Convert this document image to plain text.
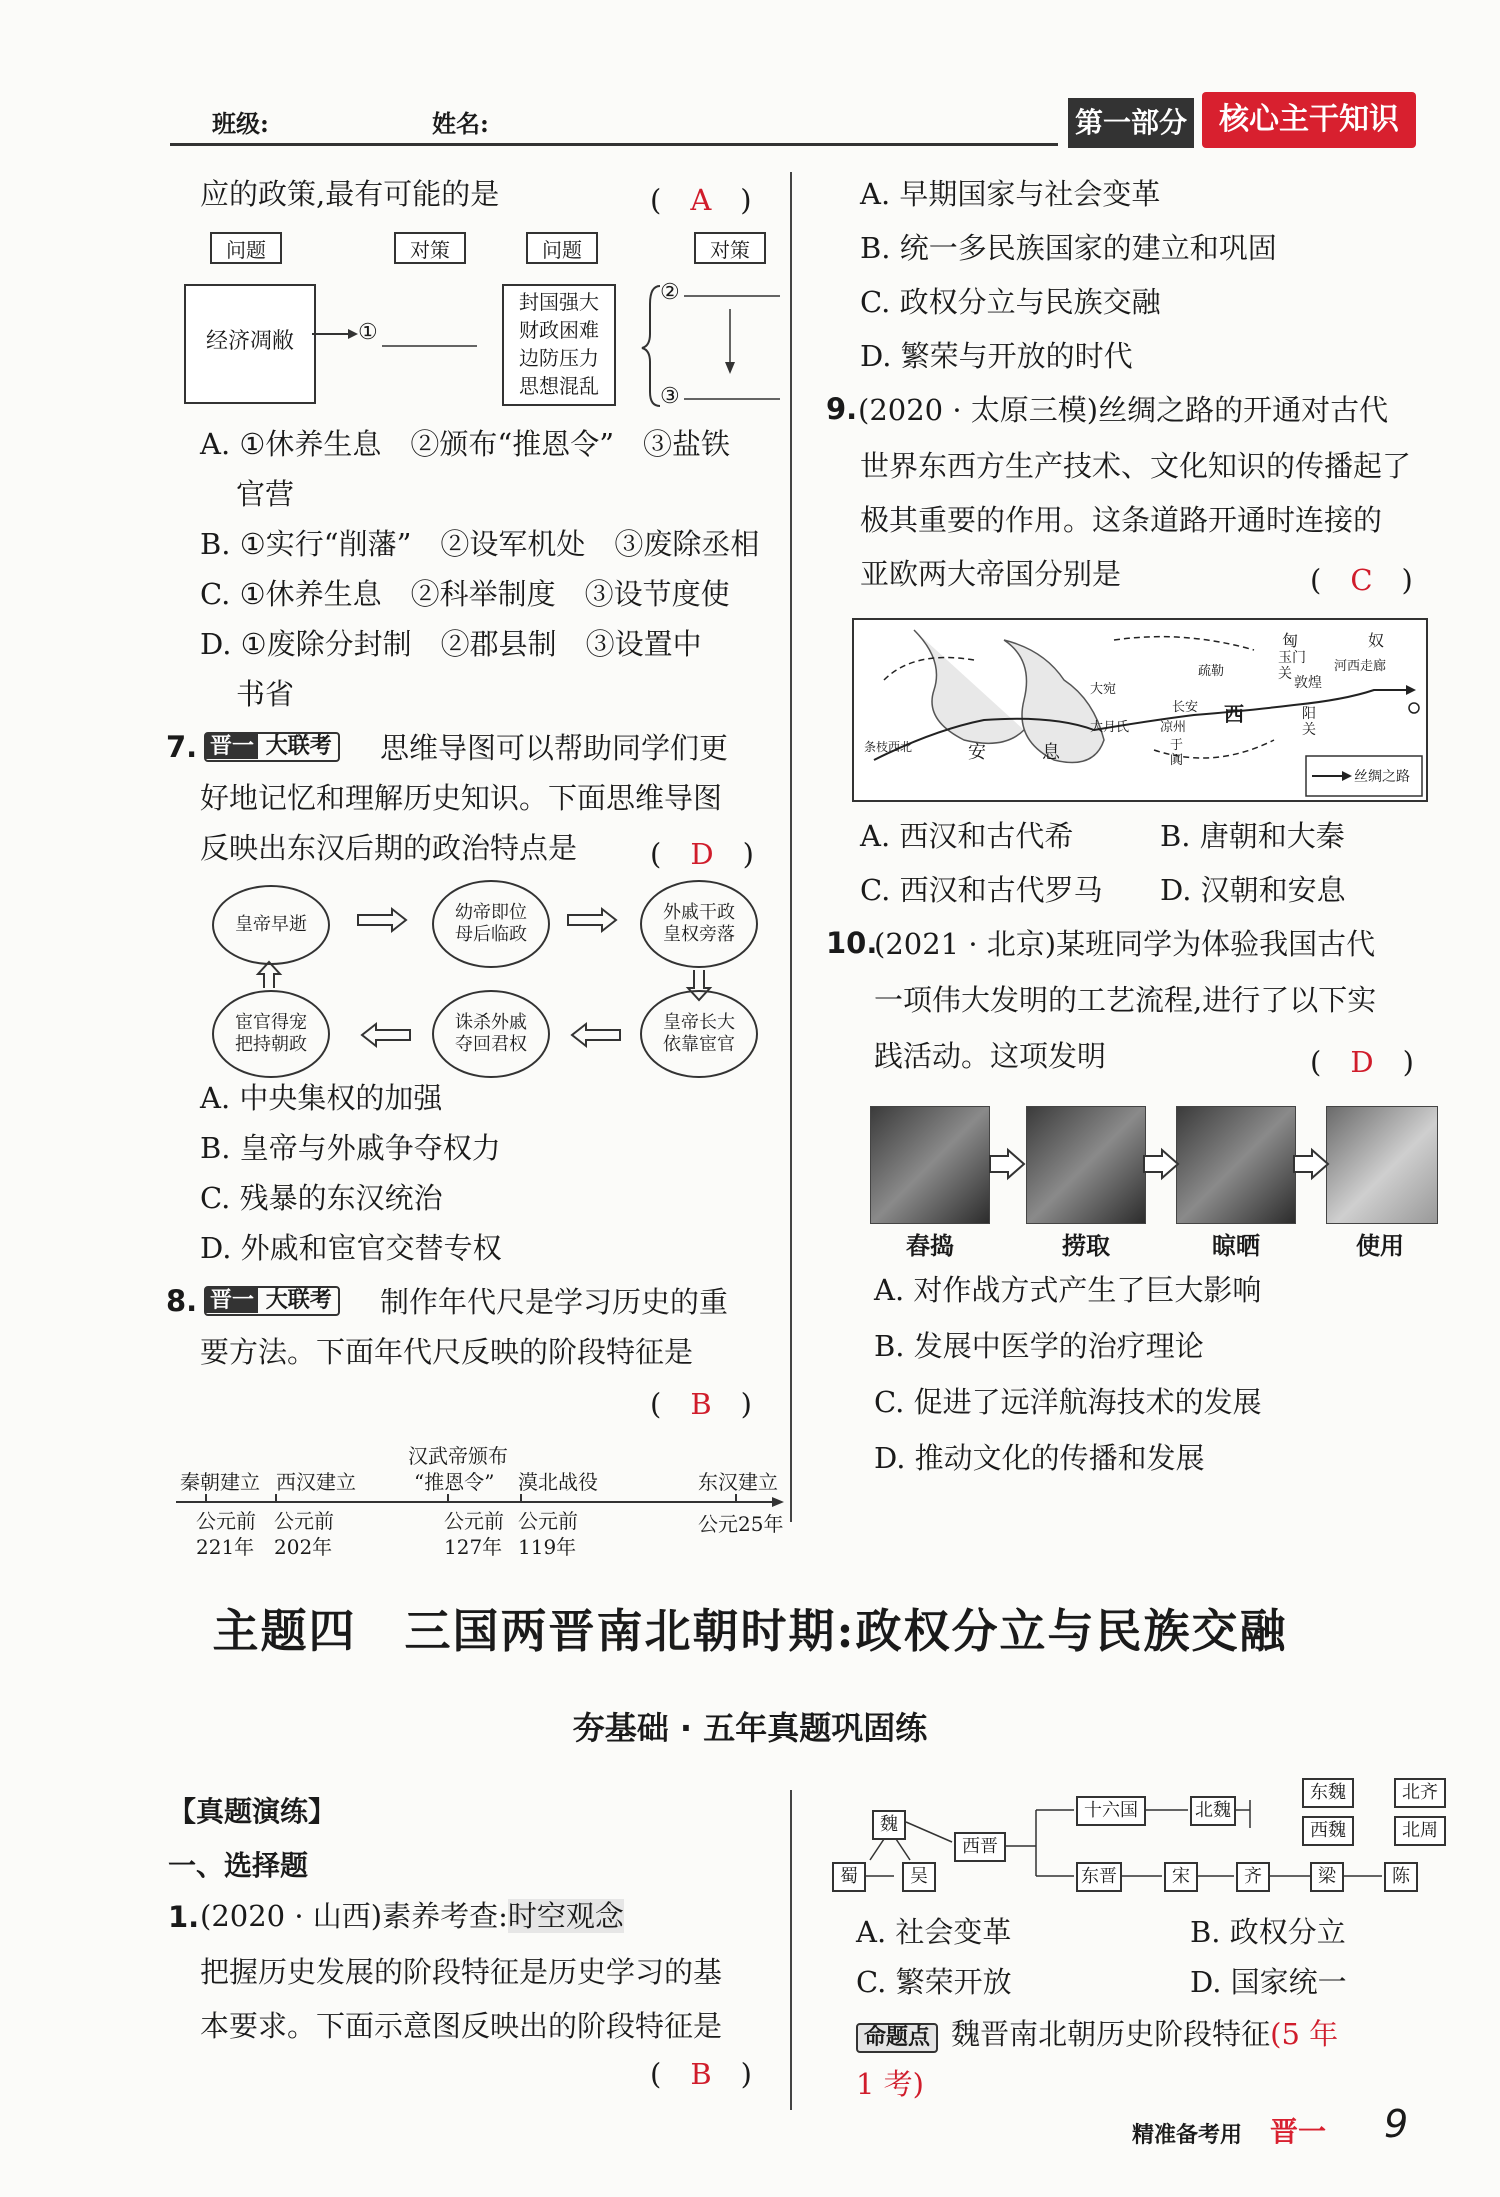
班级:	姓名:	第一部分	核心主干知识
应的政策,最有可能的是	(　A　)
问题	对策	问题	对策
经济凋敝	①
封国强大
财政困难
边防压力
思想混乱
②
③
A. ①休养生息　②颁布“推恩令”　③盐铁
官营
B. ①实行“削藩”　②设军机处　③废除丞相
C. ①休养生息　②科举制度　③设节度使
D. ①废除分封制　②郡县制　③设置中
书省
7. 晋一 大联考 思维导图可以帮助同学们更
好地记忆和理解历史知识。下面思维导图
反映出东汉后期的政治特点是	(　D　)
皇帝早逝
幼帝即位
母后临政
外戚干政
皇权旁落
皇帝长大
依靠宦官
诛杀外戚
夺回君权
宦官得宠
把持朝政
A. 中央集权的加强
B. 皇帝与外戚争夺权力
C. 残暴的东汉统治
D. 外戚和宦官交替专权
8. 晋一 大联考 制作年代尺是学习历史的重
要方法。下面年代尺反映的阶段特征是
(　B　)
秦朝建立 西汉建立
汉武帝颁布
“推恩令” 漠北战役	东汉建立
公元前
221年
公元前
202年
公元前
127年
公元前
119年
公元25年
A. 早期国家与社会变革
B. 统一多民族国家的建立和巩固
C. 政权分立与民族交融
D. 繁荣与开放的时代
9. (2020 · 太原三模)丝绸之路的开通对古代
世界东西方生产技术、文化知识的传播起了
极其重要的作用。这条道路开通时连接的
亚欧两大帝国分别是	(　C　)
匈	奴
玉门关
敦煌
阳关
河西走廊
西
凉州
长安
大宛
大月氏
安	息
疏勒
于阗
条枝西北
丝绸之路
A. 西汉和古代希	B. 唐朝和大秦
C. 西汉和古代罗马 D. 汉朝和安息
10.
(2021 · 北京)某班同学为体验我国古代
一项伟大发明的工艺流程,进行了以下实
践活动。这项发明	(　D　)
舂捣	捞取	晾晒	使用
A. 对作战方式产生了巨大影响
B. 发展中医学的治疗理论
C. 促进了远洋航海技术的发展
D. 推动文化的传播和发展
主题四　三国两晋南北朝时期:政权分立与民族交融
夯基础 · 五年真题巩固练
【真题演练】
一、选择题
1. (2020 · 山西)素养考查:时空观念
把握历史发展的阶段特征是历史学习的基
本要求。下面示意图反映出的阶段特征是
(　B　)
魏
蜀	吴
西晋
十六国	北魏
东魏	北齐
西魏	北周
东晋	宋	齐	梁	陈
A. 社会变革	B. 政权分立
C. 繁荣开放	D. 国家统一
命题点 魏晋南北朝历史阶段特征(5 年
1 考)
精准备考用 晋一 9
